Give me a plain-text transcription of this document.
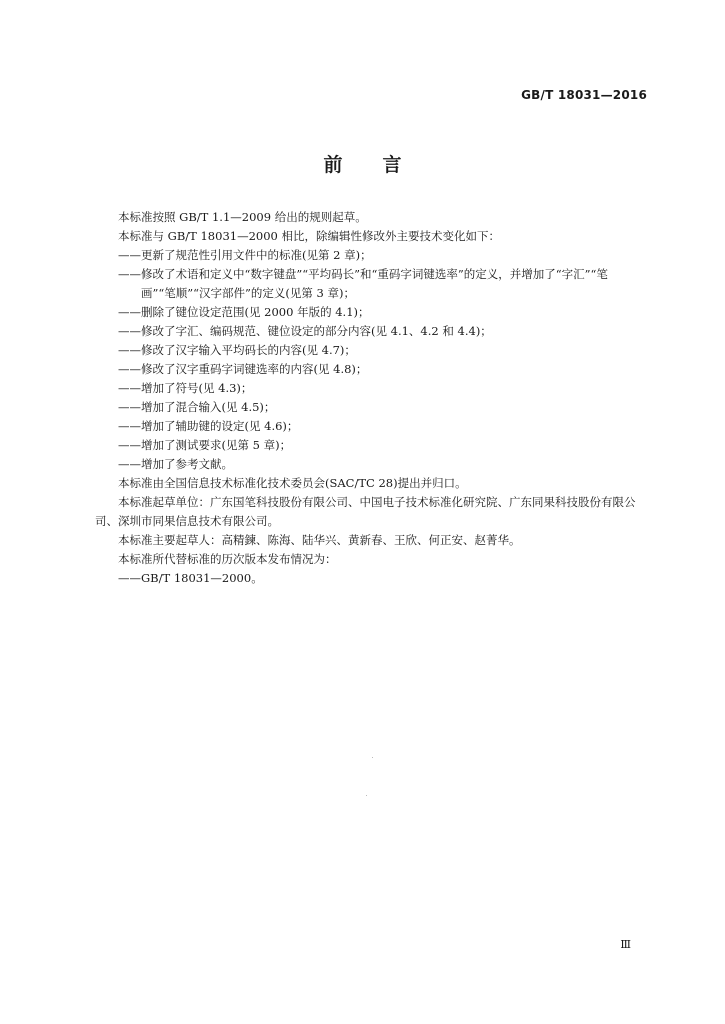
GB/T 18031—2016
前言

本标准按照 GB/T 1.1—2009 给出的规则起草。

本标准与 GB/T 18031—2000 相比，除编辑性修改外主要技术变化如下：

——更新了规范性引用文件中的标准(见第 2 章)；

——修改了术语和定义中“数字键盘”“平均码长”和“重码字词键选率”的定义，并增加了“字汇”“笔

画”“笔顺”“汉字部件”的定义(见第 3 章)；

——删除了键位设定范围(见 2000 年版的 4.1)；

——修改了字汇、编码规范、键位设定的部分内容(见 4.1、4.2 和 4.4)；

——修改了汉字输入平均码长的内容(见 4.7)；

——修改了汉字重码字词键选率的内容(见 4.8)；

——增加了符号(见 4.3)；

——增加了混合输入(见 4.5)；

——增加了辅助键的设定(见 4.6)；

——增加了测试要求(见第 5 章)；

——增加了参考文献。

本标准由全国信息技术标准化技术委员会(SAC/TC 28)提出并归口。

本标准起草单位：广东国笔科技股份有限公司、中国电子技术标准化研究院、广东同果科技股份有限公司、深圳市同果信息技术有限公司。

本标准主要起草人：高精鍊、陈海、陆华兴、黄新春、王欣、何正安、赵菁华。

本标准所代替标准的历次版本发布情况为：

——GB/T 18031—2000。

Ⅲ
